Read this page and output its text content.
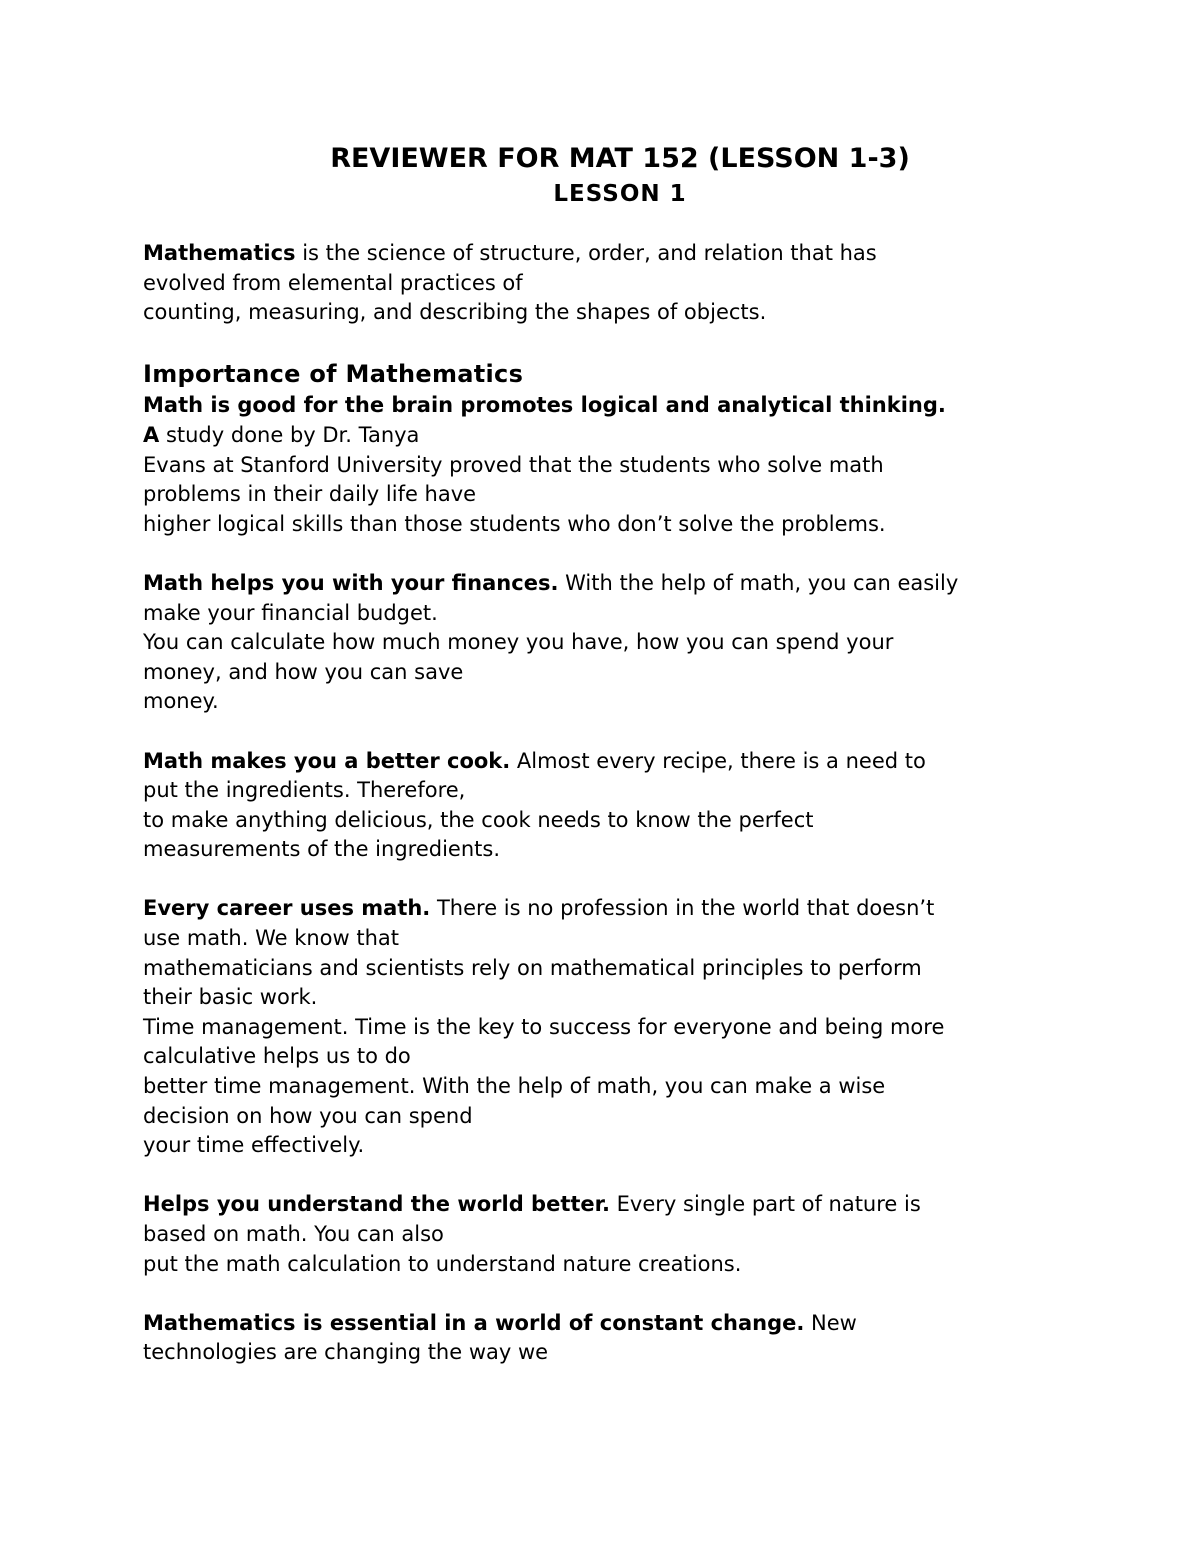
REVIEWER FOR MAT 152 (LESSON 1-3)
LESSON 1

Mathematics is the science of structure, order, and relation that has
evolved from elemental practices of
counting, measuring, and describing the shapes of objects.

Importance of Mathematics

Math is good for the brain promotes logical and analytical thinking.
A study done by Dr. Tanya
Evans at Stanford University proved that the students who solve math
problems in their daily life have
higher logical skills than those students who don’t solve the problems.

Math helps you with your finances. With the help of math, you can easily
make your financial budget.
You can calculate how much money you have, how you can spend your
money, and how you can save
money.

Math makes you a better cook. Almost every recipe, there is a need to
put the ingredients. Therefore,
to make anything delicious, the cook needs to know the perfect
measurements of the ingredients.

Every career uses math. There is no profession in the world that doesn’t
use math. We know that
mathematicians and scientists rely on mathematical principles to perform
their basic work.
Time management. Time is the key to success for everyone and being more
calculative helps us to do
better time management. With the help of math, you can make a wise
decision on how you can spend
your time effectively.

Helps you understand the world better. Every single part of nature is
based on math. You can also
put the math calculation to understand nature creations.

Mathematics is essential in a world of constant change. New
technologies are changing the way we
